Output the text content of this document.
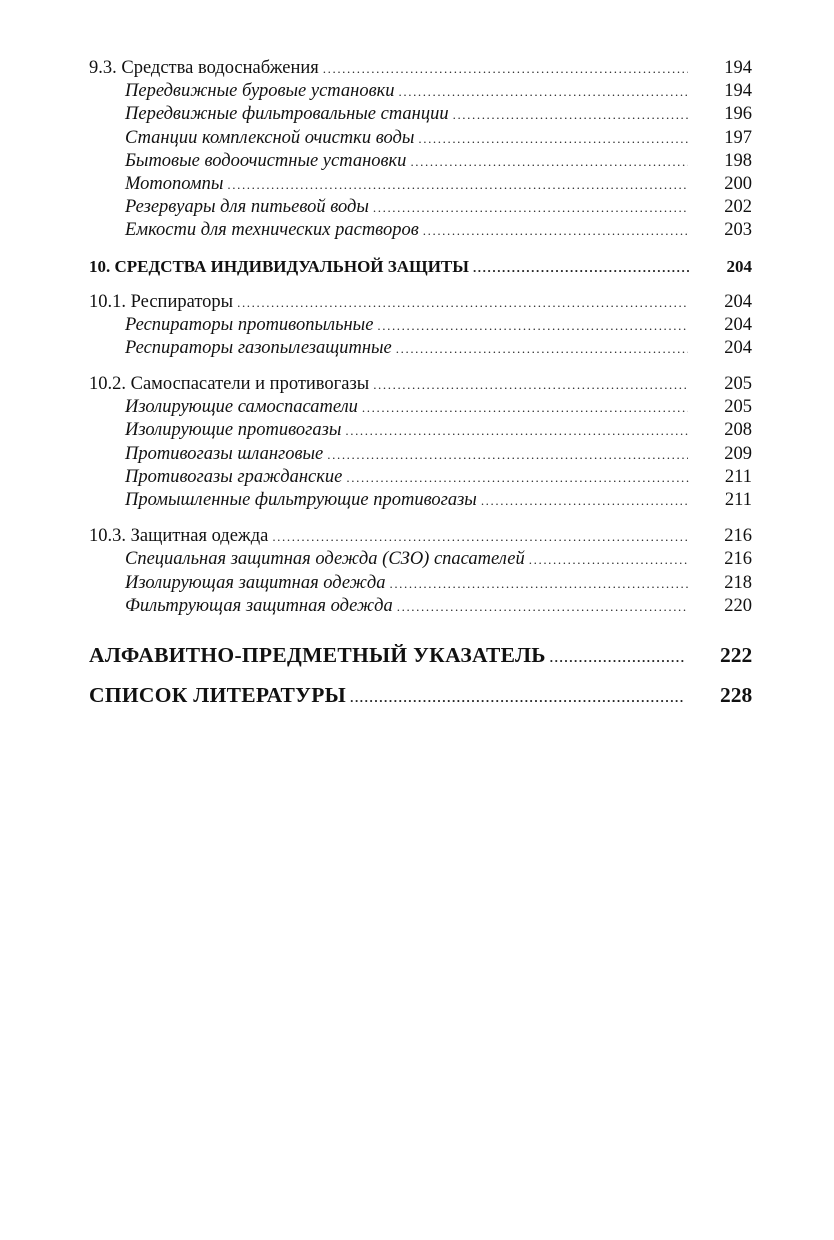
9.3. Средства водоснабжения .....	194
Передвижные буровые установки .....	194
Передвижные фильтровальные станции .....	196
Станции комплексной очистки воды .....	197
Бытовые водоочистные установки .....	198
Мотопомпы .....	200
Резервуары для питьевой воды .....	202
Емкости для технических растворов .....	203
10. СРЕДСТВА ИНДИВИДУАЛЬНОЙ ЗАЩИТЫ .....	204
10.1. Респираторы .....	204
Респираторы противопыльные .....	204
Респираторы газопылезащитные .....	204
10.2. Самоспасатели и противогазы .....	205
Изолирующие самоспасатели .....	205
Изолирующие противогазы .....	208
Противогазы шланговые .....	209
Противогазы гражданские .....	211
Промышленные фильтрующие противогазы .....	211
10.3. Защитная одежда .....	216
Специальная защитная одежда (СЗО) спасателей .....	216
Изолирующая защитная одежда .....	218
Фильтрующая защитная одежда .....	220
АЛФАВИТНО-ПРЕДМЕТНЫЙ УКАЗАТЕЛЬ .....	222
СПИСОК ЛИТЕРАТУРЫ .....	228
